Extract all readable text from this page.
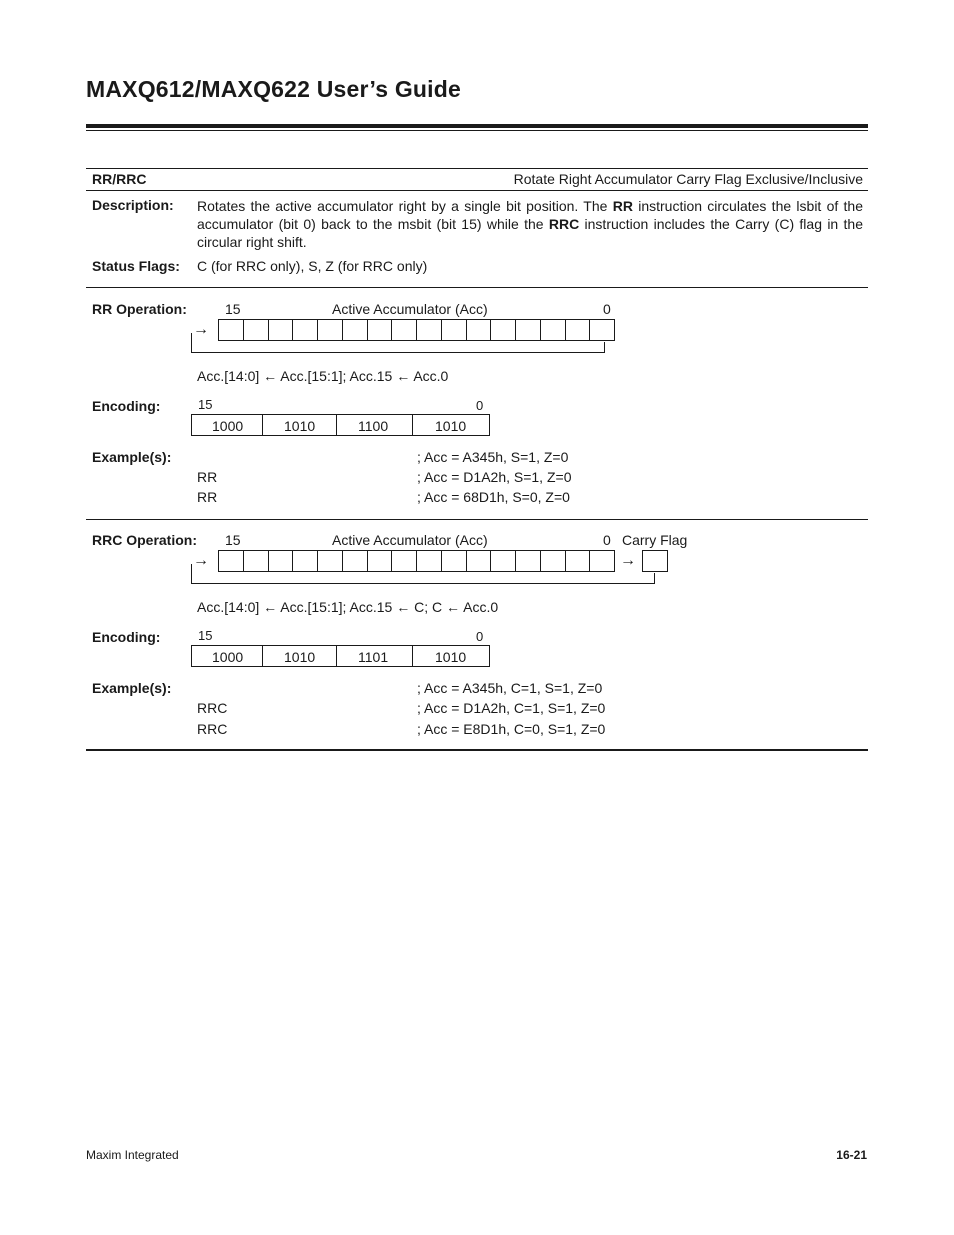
MAXQ612/MAXQ622 User’s Guide
RR/RRC	Rotate Right Accumulator Carry Flag Exclusive/Inclusive
Description: Rotates the active accumulator right by a single bit position. The RR instruction circulates the lsbit of the accumulator (bit 0) back to the msbit (bit 15) while the RRC instruction includes the Carry (C) flag in the circular right shift.
Status Flags: C (for RRC only), S, Z (for RRC only)
RR Operation:	15	Active Accumulator (Acc)	0
→
Acc.[14:0] ← Acc.[15:1]; Acc.15 ← Acc.0
Encoding:	15	0
1000	1010	1100	1010
Example(s):	; Acc = A345h, S=1, Z=0
RR	; Acc = D1A2h, S=1, Z=0
RR	; Acc = 68D1h, S=0, Z=0
RRC Operation: 15	Active Accumulator (Acc)	0 Carry Flag
→	→
Acc.[14:0] ← Acc.[15:1]; Acc.15 ← C; C ← Acc.0
Encoding:	15	0
1000	1010	1101	1010
Example(s):	; Acc = A345h, C=1, S=1, Z=0
RRC	; Acc = D1A2h, C=1, S=1, Z=0
RRC	; Acc = E8D1h, C=0, S=1, Z=0
Maxim Integrated	16-21
